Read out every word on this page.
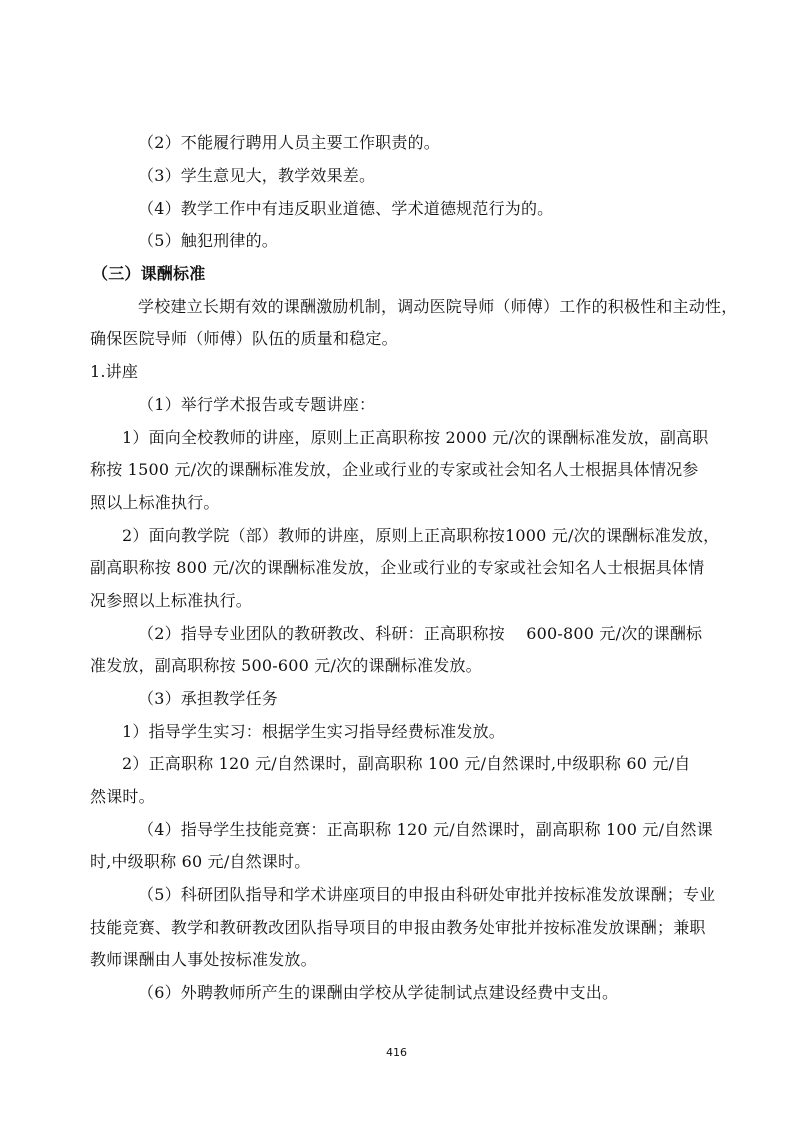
（2）不能履行聘用人员主要工作职责的。
（3）学生意见大，教学效果差。
（4）教学工作中有违反职业道德、学术道德规范行为的。
（5）触犯刑律的。
（三）课酬标准
学校建立长期有效的课酬激励机制，调动医院导师（师傅）工作的积极性和主动性，
确保医院导师（师傅）队伍的质量和稳定。
1.讲座
（1）举行学术报告或专题讲座：
1）面向全校教师的讲座，原则上正高职称按 2000 元/次的课酬标准发放，副高职
称按 1500 元/次的课酬标准发放，企业或行业的专家或社会知名人士根据具体情况参
照以上标准执行。
2）面向教学院（部）教师的讲座，原则上正高职称按1000 元/次的课酬标准发放，
副高职称按 800 元/次的课酬标准发放，企业或行业的专家或社会知名人士根据具体情
况参照以上标准执行。
（2）指导专业团队的教研教改、科研：正高职称按　 600-800 元/次的课酬标
准发放，副高职称按 500-600 元/次的课酬标准发放。
（3）承担教学任务
1）指导学生实习：根据学生实习指导经费标准发放。
2）正高职称 120 元/自然课时，副高职称 100 元/自然课时,中级职称 60 元/自
然课时。
（4）指导学生技能竞赛：正高职称 120 元/自然课时，副高职称 100 元/自然课
时,中级职称 60 元/自然课时。
（5）科研团队指导和学术讲座项目的申报由科研处审批并按标准发放课酬；专业
技能竞赛、教学和教研教改团队指导项目的申报由教务处审批并按标准发放课酬；兼职
教师课酬由人事处按标准发放。
（6）外聘教师所产生的课酬由学校从学徒制试点建设经费中支出。
416
